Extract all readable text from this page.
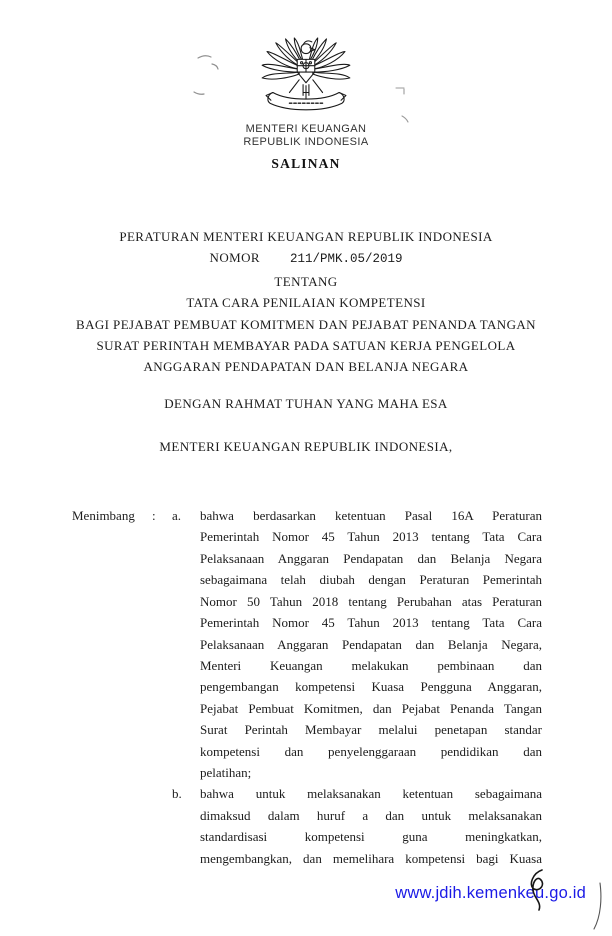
MENTERI KEUANGAN
REPUBLIK INDONESIA
SALINAN
PERATURAN MENTERI KEUANGAN REPUBLIK INDONESIA
NOMOR 211/PMK.05/2019
TENTANG
TATA CARA PENILAIAN KOMPETENSI
BAGI PEJABAT PEMBUAT KOMITMEN DAN PEJABAT PENANDA TANGAN
SURAT PERINTAH MEMBAYAR PADA SATUAN KERJA PENGELOLA
ANGGARAN PENDAPATAN DAN BELANJA NEGARA
DENGAN RAHMAT TUHAN YANG MAHA ESA
MENTERI KEUANGAN REPUBLIK INDONESIA,
Menimbang	:	a.	bahwa berdasarkan ketentuan Pasal 16A Peraturan
Pemerintah Nomor 45 Tahun 2013 tentang Tata Cara
Pelaksanaan Anggaran Pendapatan dan Belanja Negara
sebagaimana telah diubah dengan Peraturan Pemerintah
Nomor 50 Tahun 2018 tentang Perubahan atas Peraturan
Pemerintah Nomor 45 Tahun 2013 tentang Tata Cara
Pelaksanaan Anggaran Pendapatan dan Belanja Negara,
Menteri Keuangan melakukan pembinaan dan
pengembangan kompetensi Kuasa Pengguna Anggaran,
Pejabat Pembuat Komitmen, dan Pejabat Penanda Tangan
Surat Perintah Membayar melalui penetapan standar
kompetensi dan penyelenggaraan pendidikan dan
pelatihan;
b.	bahwa untuk melaksanakan ketentuan sebagaimana
dimaksud dalam huruf a dan untuk melaksanakan
standardisasi kompetensi guna meningkatkan,
mengembangkan, dan memelihara kompetensi bagi Kuasa
www.jdih.kemenkeu.go.id
